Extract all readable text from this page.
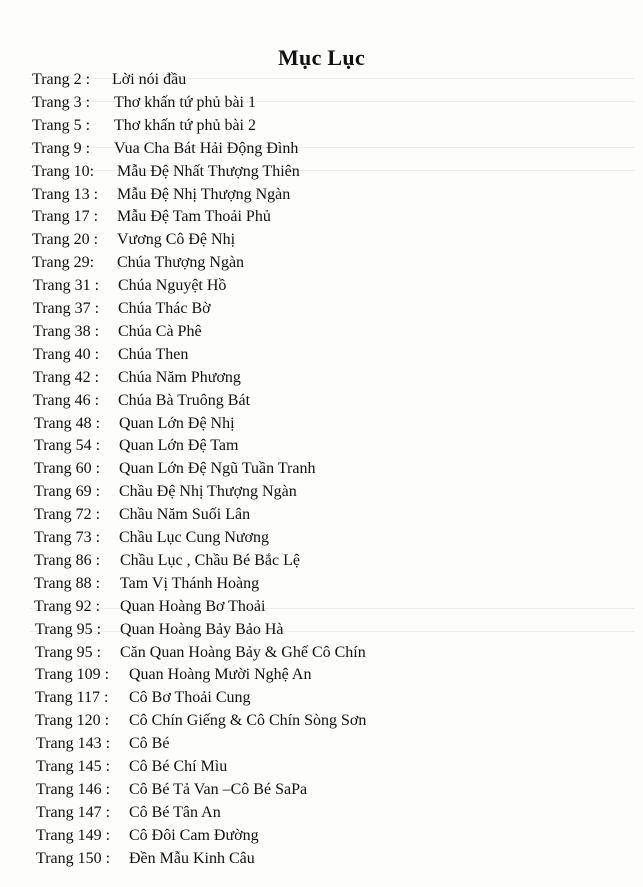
Mục Lục
Trang 2 : Lời nói đầu
Trang 3 : Thơ khấn tứ phủ bài 1
Trang 5 : Thơ khấn tứ phủ bài 2
Trang 9 : Vua Cha Bát Hải Động Đình
Trang 10: Mẫu Đệ Nhất Thượng Thiên
Trang 13 : Mẫu Đệ Nhị Thượng Ngàn
Trang 17 : Mẫu Đệ Tam Thoải Phủ
Trang 20 : Vương Cô Đệ Nhị
Trang 29: Chúa Thượng Ngàn
Trang 31 : Chúa Nguyệt Hồ
Trang 37 : Chúa Thác Bờ
Trang 38 : Chúa Cà Phê
Trang 40 : Chúa Then
Trang 42 : Chúa Năm Phương
Trang 46 : Chúa Bà Truông Bát
Trang 48 : Quan Lớn Đệ Nhị
Trang 54 : Quan Lớn Đệ Tam
Trang 60 : Quan Lớn Đệ Ngũ Tuần Tranh
Trang 69 : Chầu Đệ Nhị Thượng Ngàn
Trang 72 : Chầu Năm Suối Lân
Trang 73 : Chầu Lục Cung Nương
Trang 86 : Chầu Lục , Chầu Bé Bắc Lệ
Trang 88 : Tam Vị Thánh Hoàng
Trang 92 : Quan Hoàng Bơ Thoải
Trang 95 : Quan Hoàng Bảy Bảo Hà
Trang 95 : Căn Quan Hoàng Bảy & Ghế Cô Chín
Trang 109 : Quan Hoàng Mười Nghệ An
Trang 117 : Cô Bơ Thoải Cung
Trang 120 : Cô Chín Giếng & Cô Chín Sòng Sơn
Trang 143 : Cô Bé
Trang 145 : Cô Bé Chí Mìu
Trang 146 : Cô Bé Tả Van –Cô Bé SaPa
Trang 147 : Cô Bé Tân An
Trang 149 : Cô Đôi Cam Đường
Trang 150 : Đền Mẫu Kinh Câu
